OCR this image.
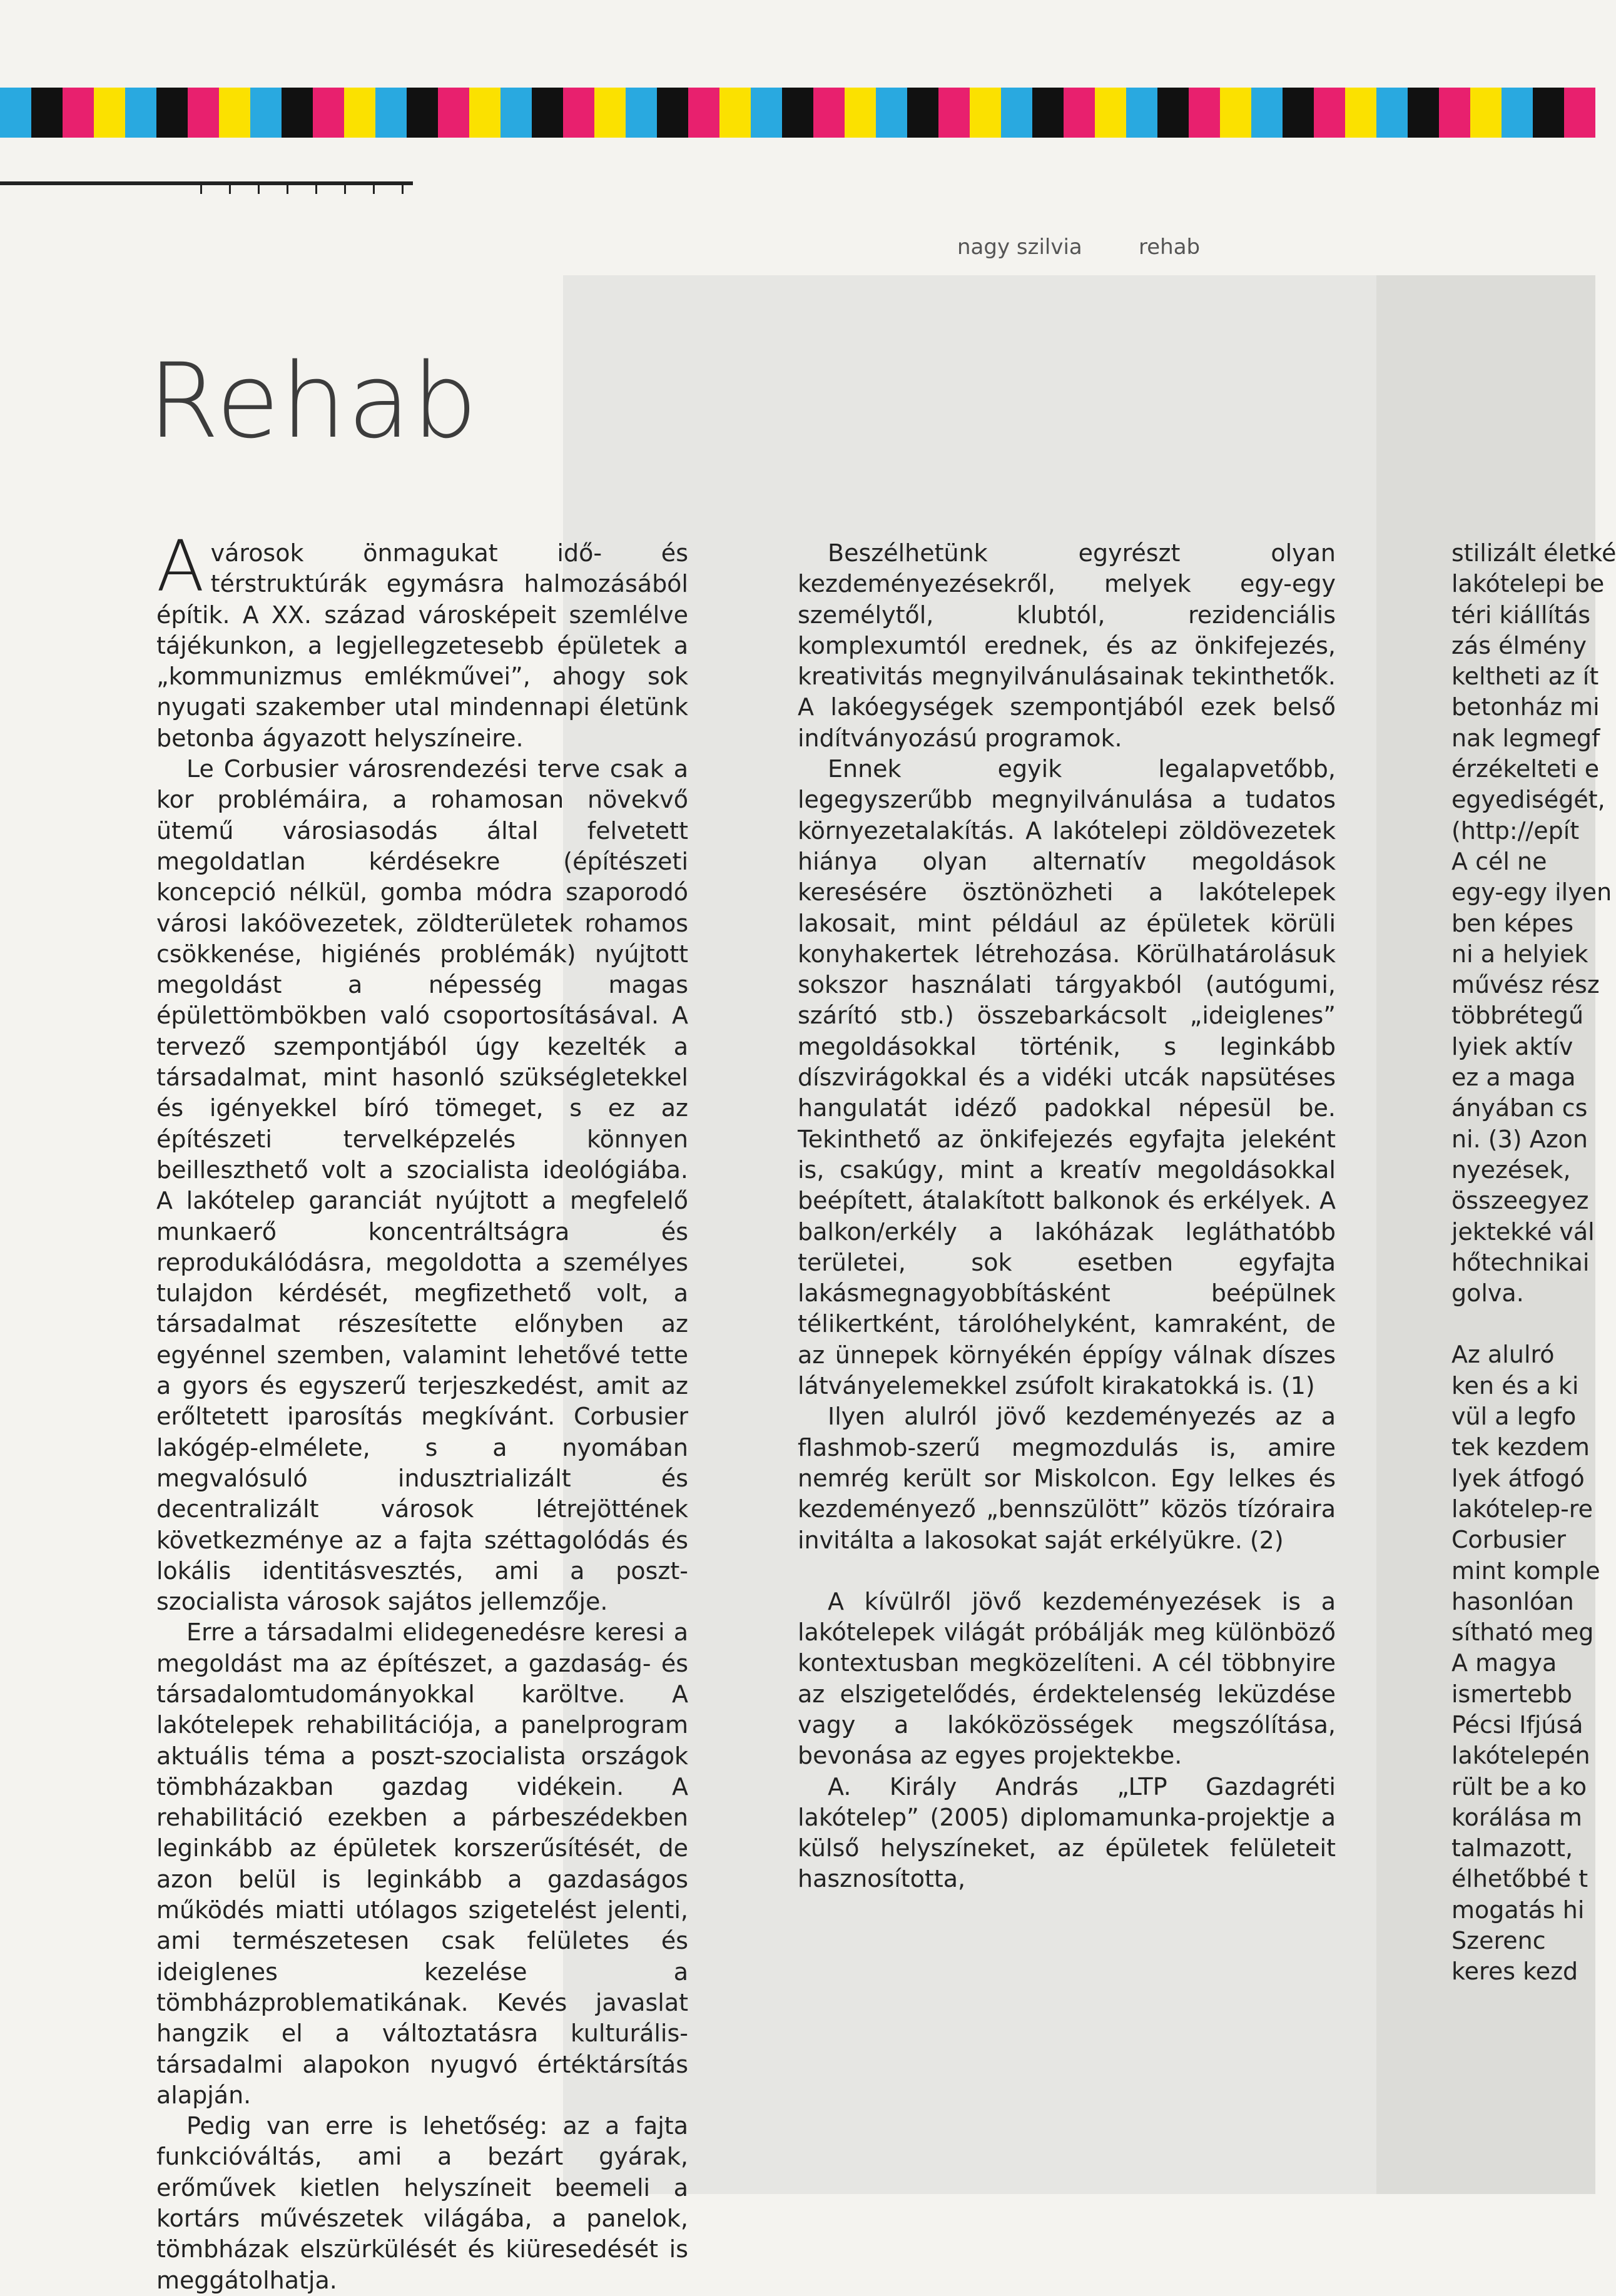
nagy szilvia	rehab
Rehab

Avárosok önmagukat idő- és térstruktúrák egymásra halmozásából építik. A XX. század városképeit szemlélve tájékunkon, a legjellegzetesebb épületek a „kommunizmus emlékművei”, ahogy sok nyugati szakember utal mindennapi életünk betonba ágyazott helyszíneire.

Le Corbusier városrendezési terve csak a kor problémáira, a rohamosan növekvő ütemű városiasodás által felvetett megoldatlan kérdésekre (építészeti koncepció nélkül, gomba módra szaporodó városi lakóövezetek, zöldterületek rohamos csökkenése, higiénés problémák) nyújtott megoldást a népesség magas épülettömbökben való csoportosításával. A tervező szempontjából úgy kezelték a társadalmat, mint hasonló szükségletekkel és igényekkel bíró tömeget, s ez az építészeti tervelképzelés könnyen beilleszthető volt a szocialista ideológiába. A lakótelep garanciát nyújtott a megfelelő munkaerő koncentráltságra és reprodukálódásra, megoldotta a személyes tulajdon kérdését, megfizethető volt, a társadalmat részesítette előnyben az egyénnel szemben, valamint lehetővé tette a gyors és egyszerű terjeszkedést, amit az erőltetett iparosítás megkívánt. Corbusier lakógép-elmélete, s a nyomában megvalósuló indusztrializált és decentralizált városok létrejöttének következménye az a fajta széttagolódás és lokális identitásvesztés, ami a poszt-szocialista városok sajátos jellemzője.

Erre a társadalmi elidegenedésre keresi a megoldást ma az építészet, a gazdaság- és társadalomtudományokkal karöltve. A lakótelepek rehabilitációja, a panelprogram aktuális téma a poszt-szocialista országok tömbházakban gazdag vidékein. A rehabilitáció ezekben a párbeszédekben leginkább az épületek korszerűsítését, de azon belül is leginkább a gazdaságos működés miatti utólagos szigetelést jelenti, ami természetesen csak felületes és ideiglenes kezelése a tömbházproblematikának. Kevés javaslat hangzik el a változtatásra kulturális-társadalmi alapokon nyugvó értéktársítás alapján.

Pedig van erre is lehetőség: az a fajta funkcióváltás, ami a bezárt gyárak, erőművek kietlen helyszíneit beemeli a kortárs művészetek világába, a panelok, tömbházak elszürkülését és kiüresedését is meggátolhatja.

Beszélhetünk egyrészt olyan kezdeményezésekről, melyek egy-egy személytől, klubtól, rezidenciális komplexumtól erednek, és az önkifejezés, kreativitás megnyilvánulásainak tekinthetők. A lakóegységek szempontjából ezek belső indítványozású programok.

Ennek egyik legalapvetőbb, legegyszerűbb megnyilvánulása a tudatos környezetalakítás. A lakótelepi zöldövezetek hiánya olyan alternatív megoldások keresésére ösztönözheti a lakótelepek lakosait, mint például az épületek körüli konyhakertek létrehozása. Körülhatárolásuk sokszor használati tárgyakból (autógumi, szárító stb.) összebarkácsolt „ideiglenes” megoldásokkal történik, s leginkább díszvirágokkal és a vidéki utcák napsütéses hangulatát idéző padokkal népesül be. Tekinthető az önkifejezés egyfajta jeleként is, csakúgy, mint a kreatív megoldásokkal beépített, átalakított balkonok és erkélyek. A balkon/erkély a lakóházak legláthatóbb területei, sok esetben egyfajta lakásmegnagyobbításként beépülnek télikertként, tárolóhelyként, kamraként, de az ünnepek környékén éppígy válnak díszes látványelemekkel zsúfolt kirakatokká is. (1)

Ilyen alulról jövő kezdeményezés az a flashmob-szerű megmozdulás is, amire nemrég került sor Miskolcon. Egy lelkes és kezdeményező „bennszülött” közös tízóraira invitálta a lakosokat saját erkélyükre. (2)

A kívülről jövő kezdeményezések is a lakótelepek világát próbálják meg különböző kontextusban megközelíteni. A cél többnyire az elszigetelődés, érdektelenség leküzdése vagy a lakóközösségek megszólítása, bevonása az egyes projektekbe.

A. Király András „LTP Gazdagréti lakótelep” (2005) diplomamunka-projektje a külső helyszíneket, az épületek felületeit hasznosította,

stilizált életké

lakótelepi be

téri kiállítás

zás élmény

keltheti az ít

betonház mi

nak legmegf

érzékelteti e

egyediségét,

(http://epít

A cél ne

egy-egy ilyen

ben képes

ni a helyiek

művész rész

többrétegű

lyiek aktív

ez a maga

ányában cs

ni. (3) Azon

nyezések,

összeegyez

jektekké vál

hőtechnikai

golva.

Az alulró

ken és a ki

vül a legfo

tek kezdem

lyek átfogó

lakótelep-re

Corbusier

mint komple

hasonlóan

sítható meg

A magya

ismertebb

Pécsi Ifjúsá

lakótelepén

rült be a ko

korálása m

talmazott,

élhetőbbé t

mogatás hi

Szerenc

keres kezd
